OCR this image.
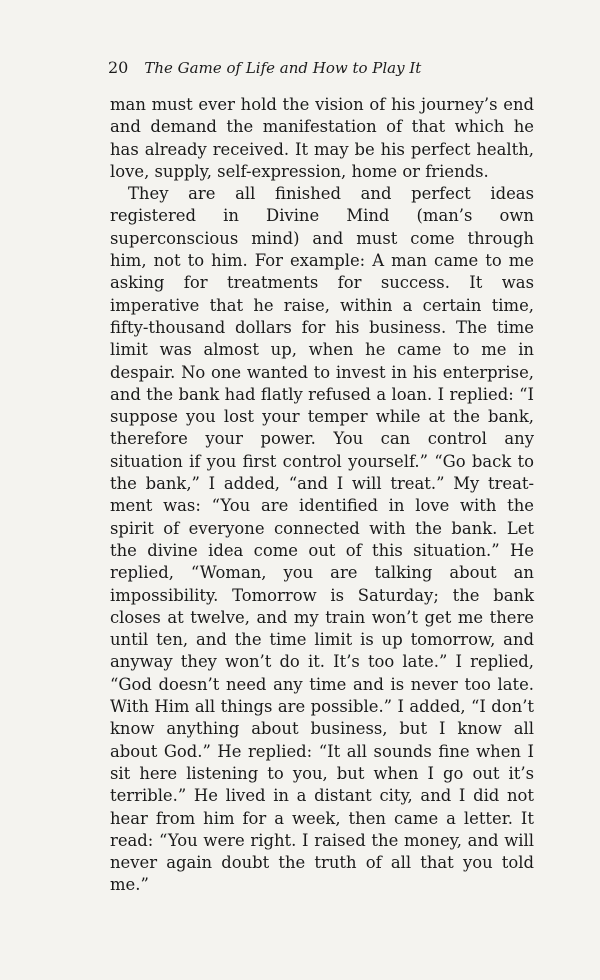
20 The Game of Life and How to Play It

man must ever hold the vision of his journey’s end and demand the manifestation of that which he has already received. It may be his perfect health, love, supply, self-expression, home or friends.

They are all finished and perfect ideas registered in Divine Mind (man’s own superconscious mind) and must come through him, not to him. For example: A man came to me asking for treatments for success. It was imperative that he raise, within a certain time, fifty-thousand dollars for his business. The time limit was almost up, when he came to me in despair. No one wanted to invest in his enterprise, and the bank had flatly refused a loan. I replied: “I suppose you lost your temper while at the bank, therefore your power. You can control any situation if you first control yourself.” “Go back to the bank,” I added, “and I will treat.” My treatment was: “You are identified in love with the spirit of everyone connected with the bank. Let the divine idea come out of this situation.” He replied, “Woman, you are talking about an impossibility. Tomorrow is Saturday; the bank closes at twelve, and my train won’t get me there until ten, and the time limit is up tomorrow, and anyway they won’t do it. It’s too late.” I replied, “God doesn’t need any time and is never too late. With Him all things are possible.” I added, “I don’t know anything about business, but I know all about God.” He replied: “It all sounds fine when I sit here listening to you, but when I go out it’s terrible.” He lived in a distant city, and I did not hear from him for a week, then came a letter. It read: “You were right. I raised the money, and will never again doubt the truth of all that you told me.”
